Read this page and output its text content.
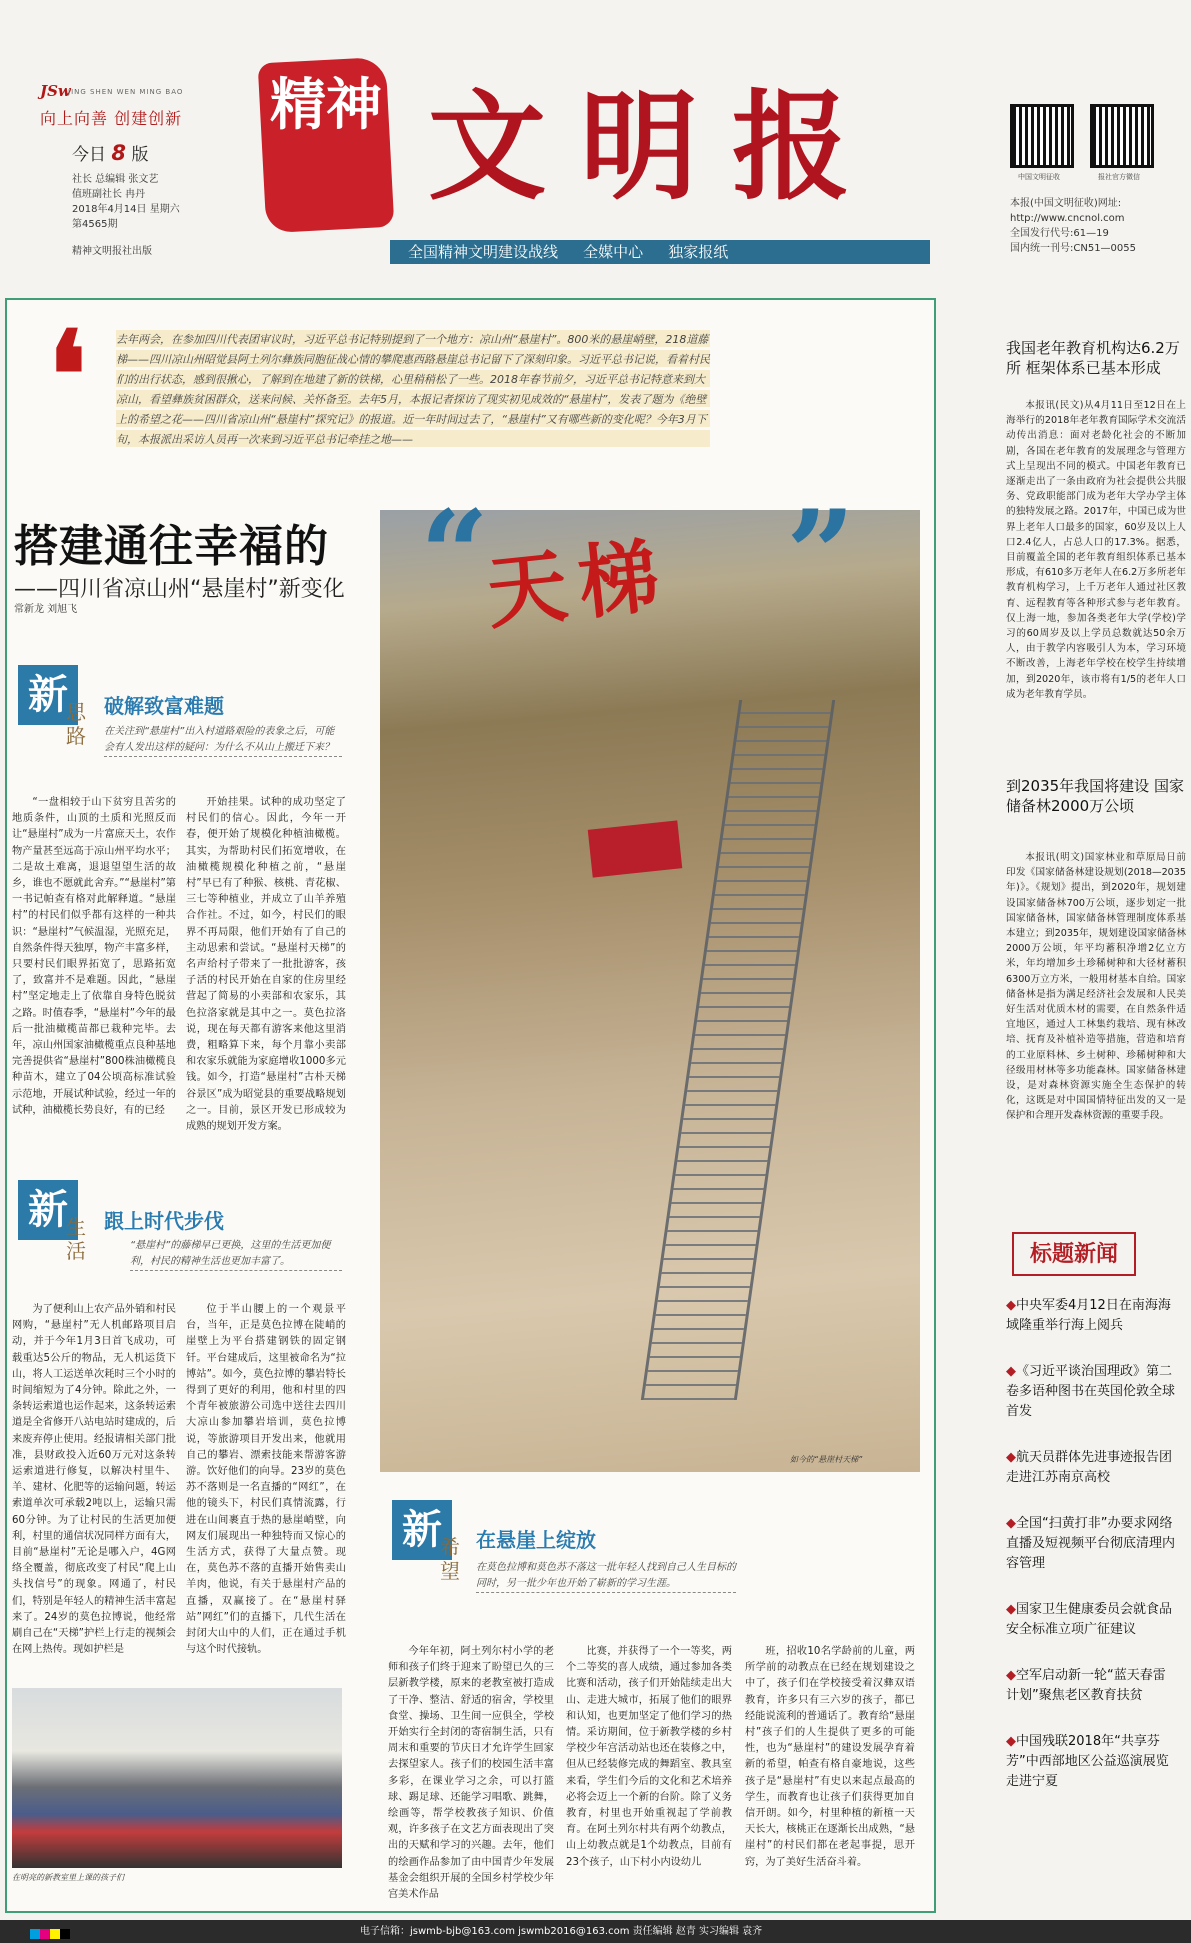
JSw
JING SHEN WEN MING BAO
向上向善 创建创新
今日 8 版
社长 总编辑 张文艺
值班副社长 冉丹
2018年4月14日 星期六
第4565期
精神文明报社出版
精神 文明报	中国文明征收	报社官方微信
本报(中国文明征收)网址:
http://www.cncnol.com
全国发行代号:61—19
国内统一刊号:CN51—0055
全国精神文明建设战线 全媒中心 独家报纸
❛	去年两会，在参加四川代表团审议时，习近平总书记特别提到了一个地方：凉山州“悬崖村”。800米的悬崖峭壁，218道藤梯——四川凉山州昭觉县阿土列尔彝族同胞征战心情的攀爬惠西路悬崖总书记留下了深刻印象。习近平总书记说，看着村民们的出行状态，感到很揪心，了解到在地建了新的铁梯，心里稍稍松了一些。2018年春节前夕，习近平总书记特意来到大凉山，看望彝族贫困群众，送来问候、关怀备至。去年5月，本报记者探访了现实初见成效的“悬崖村”，发表了题为《绝壁上的希望之花——四川省凉山州“悬崖村”探究记》的报道。近一年时间过去了，“悬崖村”又有哪些新的变化呢？今年3月下旬，本报派出采访人员再一次来到习近平总书记牵挂之地——
如今的“悬崖村天梯”
搭建通往幸福的 “
天梯 ”
——四川省凉山州“悬崖村”新变化
常新龙 刘旭飞
新
思路
破解致富难题
在关注到“悬崖村”出入村道路艰险的表象之后，可能会有人发出这样的疑问：为什么不从山上搬迁下来？
“一盘相较于山下贫穷且苦劣的地质条件，山顶的土质和光照反而让“悬崖村”成为一片富庶天土，农作物产量甚至远高于凉山州平均水平；二是故土难离，退退望望生活的故乡，谁也不愿就此舍弃。”“悬崖村”第一书记帕查有格对此解释道。“悬崖村”的村民们似乎都有这样的一种共识：“悬崖村”气候温湿，光照充足，自然条件得天独厚，物产丰富多样，只要村民们眼界拓宽了，思路拓宽了，致富并不是难题。因此，“悬崖村”坚定地走上了依靠自身特色脱贫之路。时值春季，“悬崖村”今年的最后一批油橄榄苗都已栽种完毕。去年，凉山州国家油橄榄重点良种基地完善提供省“悬崖村”800株油橄榄良种苗木，建立了04公顷高标准试验示范地，开展试种试验，经过一年的试种，油橄榄长势良好，有的已经
开始挂果。试种的成功坚定了村民们的信心。因此，今年一开春，便开始了规模化种植油橄榄。其实，为帮助村民们拓宽增收，在油橄榄规模化种植之前，“悬崖村”早已有了种猴、核桃、青花椒、三七等种植业，并成立了山羊养殖合作社。不过，如今，村民们的眼界不再局限，他们开始有了自己的主动思索和尝试。“悬崖村天梯”的名声给村子带来了一批批游客，孩子活的村民开始在自家的住房里经营起了简易的小卖部和农家乐，其色拉洛家就是其中之一。莫色拉洛说，现在每天都有游客来他这里消费，粗略算下来，每个月靠小卖部和农家乐就能为家庭增收1000多元钱。如今，打造“悬崖村”古朴天梯谷景区”成为昭觉县的重要战略规划之一。目前，景区开发已形成较为成熟的规划开发方案。
新
生活
跟上时代步伐
“悬崖村”的藤梯早已更换，这里的生活更加便利，村民的精神生活也更加丰富了。
为了便利山上农产品外销和村民网购，“悬崖村”无人机邮路项目启动，并于今年1月3日首飞成功，可载重达5公斤的物品，无人机运货下山，将人工运送单次耗时三个小时的时间缩短为了4分钟。除此之外，一条转运索道也运作起来，这条转运索道是全省修开八站电站时建成的，后来废弃停止使用。经报请相关部门批准，县财政投入近60万元对这条转运索道进行修复，以解决村里牛、羊、建材、化肥等的运输问题，转运索道单次可承载2吨以上，运输只需60分钟。为了让村民的生活更加便利，村里的通信状况同样方面有大，目前“悬崖村”无论是哪入户，4G网络全覆盖，彻底改变了村民“爬上山头找信号”的现象。网通了，村民们，特别是年轻人的精神生活丰富起来了。24岁的莫色拉博说，他经常刷自己在“天梯”护栏上行走的视频会在网上热传。现如护栏是
位于半山腰上的一个观景平台，当年，正是莫色拉博在陡峭的崖壁上为平台搭建钢铁的固定钢钎。平台建成后，这里被命名为“拉博站”。如今，莫色拉博的攀岩特长得到了更好的利用，他和村里的四个青年被旅游公司选中送往去四川大凉山参加攀岩培训，莫色拉博说，等旅游项目开发出来，他就用自己的攀岩、漂索技能来帮游客游游。饮好他们的向导。23岁的莫色苏不落则是一名直播的“网红”，在他的镜头下，村民们真情流露，行进在山间裹直于热的悬崖峭壁，向网友们展现出一种独特而又惊心的生活方式，获得了大量点赞。现在，莫色苏不落的直播开始售卖山羊肉，他说，有关于悬崖村产品的直播，双赢接了。在“悬崖村驿站”网红”们的直播下，几代生活在封闭大山中的人们，正在通过手机与这个时代接轨。
在明亮的新教室里上课的孩子们
新
希望
在悬崖上绽放
在莫色拉博和莫色苏不落这一批年轻人找到自己人生目标的同时，另一批少年也开始了崭新的学习生涯。
今年年初，阿土列尔村小学的老师和孩子们终于迎来了盼望已久的三层新教学楼，原来的老教室被打造成了干净、整洁、舒适的宿舍，学校里食堂、操场、卫生间一应俱全，学校开始实行全封闭的寄宿制生活，只有周末和重要的节庆日才允许学生回家去探望家人。孩子们的校园生活丰富多彩，在课业学习之余，可以打篮球、踢足球、还能学习唱歌、跳舞，绘画等，帮学校教孩子知识、价值观，许多孩子在文艺方面表现出了突出的天赋和学习的兴趣。去年，他们的绘画作品参加了由中国青少年发展基金会组织开展的全国乡村学校少年宫美术作品
比赛，并获得了一个一等奖，两个二等奖的喜人成绩，通过参加各类比赛和活动，孩子们开始陆续走出大山、走进大城市，拓展了他们的眼界和认知，也更加坚定了他们学习的热情。采访期间，位于新教学楼的乡村学校少年宫活动站也还在装修之中，但从已经装修完成的舞蹈室、教具室来看，学生们今后的文化和艺术培养必将会迈上一个新的台阶。除了义务教育，村里也开始重视起了学前教育。在阿土列尔村共有两个幼教点，山上幼教点就是1个幼教点，目前有23个孩子，山下村小内设幼儿
班，招收10名学龄前的儿童，两所学前的动教点在已经在规划建设之中了，孩子们在学校接受着汉彝双语教育，许多只有三六岁的孩子，都已经能说流利的普通话了。教育给“悬崖村”孩子们的人生提供了更多的可能性，也为“悬崖村”的建设发展孕育着新的希望，帕查有格自豪地说，这些孩子是“悬崖村”有史以来起点最高的学生，而教育也让孩子们获得更加自信开朗。如今，村里种植的新植一天天长大，核桃正在逐渐长出成熟，“悬崖村”的村民们都在老起事提，思开窍，为了美好生活奋斗着。
我国老年教育机构达6.2万所 框架体系已基本形成
本报讯(民文)从4月11日至12日在上海举行的2018年老年教育国际学术交流活动传出消息：面对老龄化社会的不断加剧，各国在老年教育的发展理念与管理方式上呈现出不同的模式。中国老年教育已逐渐走出了一条由政府为社会提供公共服务、党政职能部门成为老年大学办学主体的独特发展之路。2017年，中国已成为世界上老年人口最多的国家，60岁及以上人口2.4亿人，占总人口的17.3%。据悉，目前覆盖全国的老年教育组织体系已基本形成，有610多万老年人在6.2万多所老年教育机构学习，上千万老年人通过社区教育、远程教育等各种形式参与老年教育。仅上海一地，参加各类老年大学(学校)学习的60周岁及以上学员总数就达50余万人，由于教学内容吸引人为本，学习环境不断改善，上海老年学校在校学生持续增加，到2020年，该市将有1/5的老年人口成为老年教育学员。
到2035年我国将建设 国家储备林2000万公顷
本报讯(明文)国家林业和草原局日前印发《国家储备林建设规划(2018—2035年)》。《规划》提出，到2020年，规划建设国家储备林700万公顷，逐步划定一批国家储备林，国家储备林管理制度体系基本建立；到2035年，规划建设国家储备林2000万公顷，年平均蓄积净增2亿立方米，年均增加乡土珍稀树种和大径材蓄积6300万立方米，一般用材基本自给。国家储备林是指为满足经济社会发展和人民美好生活对优质木材的需要，在自然条件适宜地区，通过人工林集约栽培、现有林改培、抚育及补植补造等措施，营造和培育的工业原料林、乡土树种、珍稀树种和大径级用材林等多功能森林。国家储备林建设，是对森林资源实施全生态保护的转化，这既是对中国国情特征出发的又一是保护和合理开发森林资源的重要手段。
标题新闻
◆中央军委4月12日在南海海域隆重举行海上阅兵
◆《习近平谈治国理政》第二卷多语种图书在英国伦敦全球首发
◆航天员群体先进事迹报告团走进江苏南京高校
◆全国“扫黄打非”办要求网络直播及短视频平台彻底清理内容管理
◆国家卫生健康委员会就食品安全标准立项广征建议
◆空军启动新一轮“蓝天春雷计划”聚焦老区教育扶贫
◆中国残联2018年“共享芬芳”中西部地区公益巡演展览走进宁夏
电子信箱：jswmb-bjb@163.com jswmb2016@163.com 责任编辑 赵青 实习编辑 袁齐
